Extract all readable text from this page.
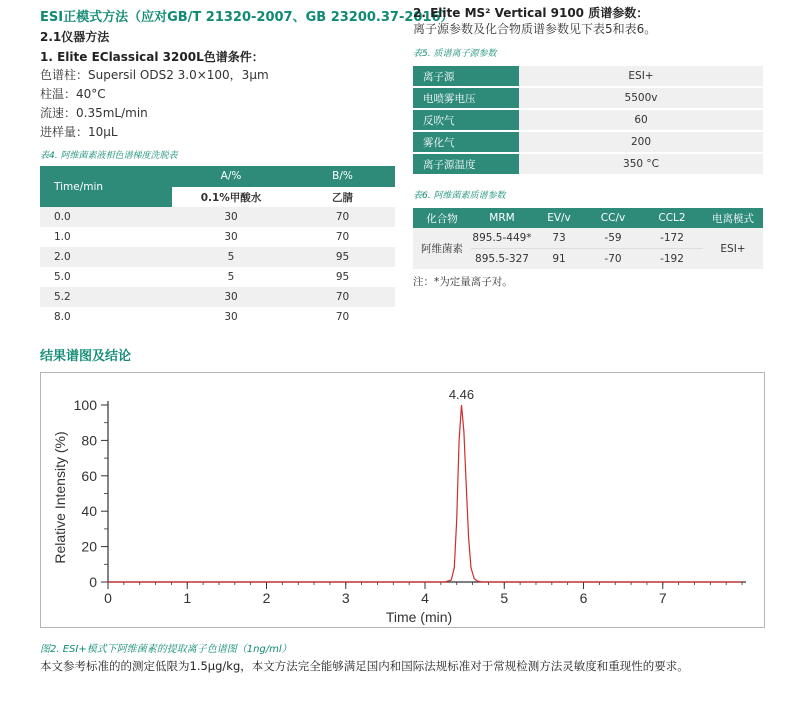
ESI正模式方法（应对GB/T 21320-2007、GB 23200.37-2016）
2.1仪器方法
1. Elite EClassical 3200L色谱条件：
色谱柱：Supersil ODS2 3.0×100，3µm
柱温：40°C
流速：0.35mL/min
进样量：10µL
表4. 阿维菌素液相色谱梯度洗脱表
Time/min	A/%	B/%
	0.1%甲酸水	乙腈
0.0	30	70
1.0	30	70
2.0	5	95
5.0	5	95
5.2	30	70
8.0	30	70
2. Elite MS² Vertical 9100 质谱参数：
离子源参数及化合物质谱参数见下表5和表6。
表5. 质谱离子源参数
离子源	ESI+
电喷雾电压	5500v
反吹气	60
雾化气	200
离子源温度	350 °C
表6. 阿维菌素质谱参数
化合物	MRM	EV/v	CC/v	CCL2	电离模式
阿维菌素	895.5-449*	73	-59	-172	ESI+
	895.5-327	91	-70	-192	
注：*为定量离子对。
结果谱图及结论
0	1	2	3	4	5	6	7
0
20
40
60
80
100
Time (min)
Relative Intensity (%)
4.46
图2. ESI+模式下阿维菌素的提取离子色谱图（1ng/ml）
本文参考标准的的测定低限为1.5µg/kg，本文方法完全能够满足国内和国际法规标准对于常规检测方法灵敏度和重现性的要求。
